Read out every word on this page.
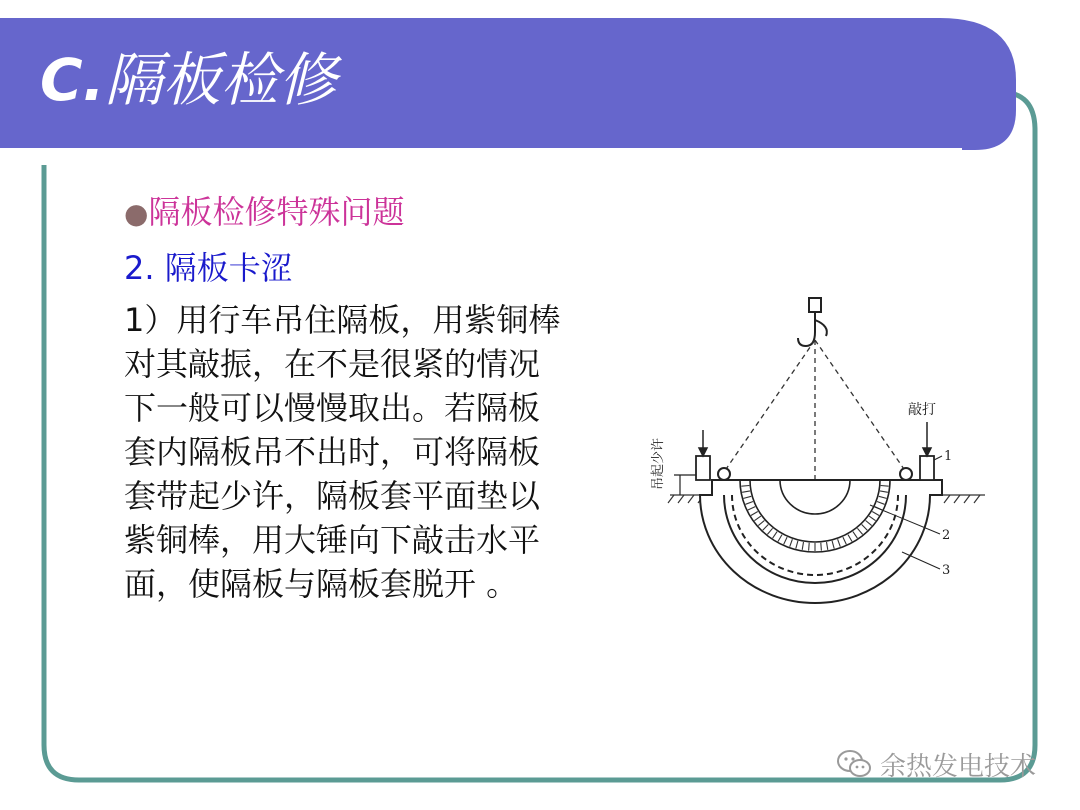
C.隔板检修
●隔板检修特殊问题
2. 隔板卡涩
1）用行车吊住隔板，用紫铜棒
对其敲振，在不是很紧的情况
下一般可以慢慢取出。若隔板
套内隔板吊不出时，可将隔板
套带起少许，隔板套平面垫以
紫铜棒，用大锤向下敲击水平
面，使隔板与隔板套脱开 。
吊起少许
敲打
1
2
3
余热发电技术
